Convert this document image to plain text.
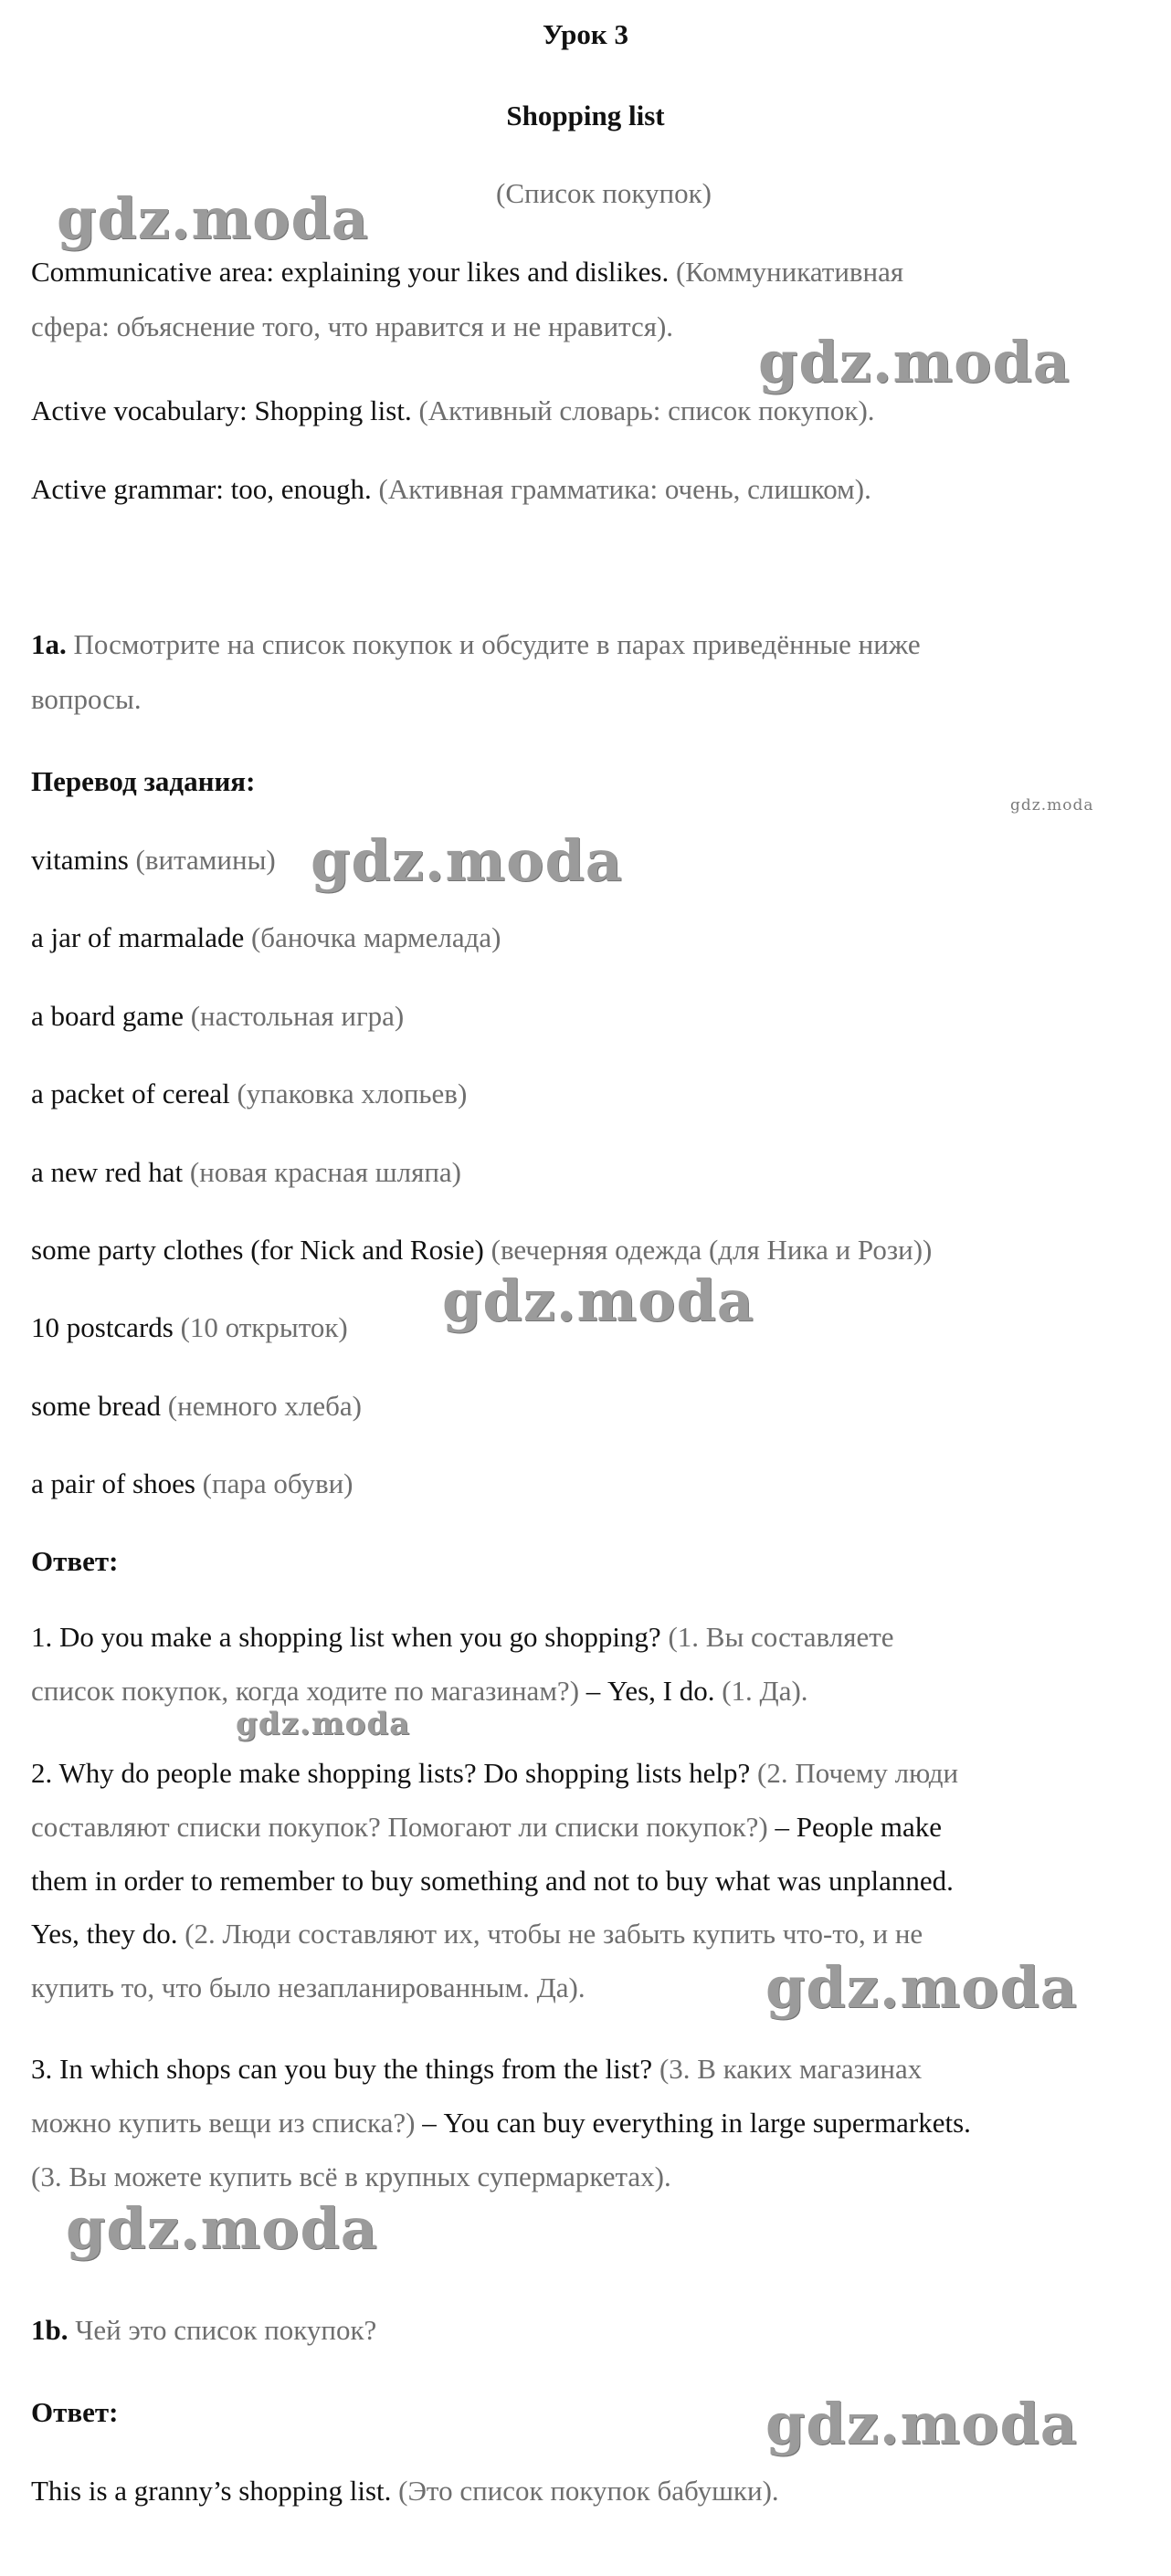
Урок 3
Shopping list
(Список покупок)
Communicative area: explaining your likes and dislikes. (Коммуникативная
сфера: объяснение того, что нравится и не нравится).
Active vocabulary: Shopping list. (Активный словарь: список покупок).
Active grammar: too, enough. (Активная грамматика: очень, слишком).
1a. Посмотрите на список покупок и обсудите в парах приведённые ниже
вопросы.
Перевод задания:
vitamins (витамины)
a jar of marmalade (баночка мармелада)
a board game (настольная игра)
a packet of cereal (упаковка хлопьев)
a new red hat (новая красная шляпа)
some party clothes (for Nick and Rosie) (вечерняя одежда (для Ника и Рози))
10 postcards (10 открыток)
some bread (немного хлеба)
a pair of shoes (пара обуви)
Ответ:
1. Do you make a shopping list when you go shopping? (1. Вы составляете
список покупок, когда ходите по магазинам?) – Yes, I do. (1. Да).
2. Why do people make shopping lists? Do shopping lists help? (2. Почему люди
составляют списки покупок? Помогают ли списки покупок?) – People make
them in order to remember to buy something and not to buy what was unplanned.
Yes, they do. (2. Люди составляют их, чтобы не забыть купить что-то, и не
купить то, что было незапланированным. Да).
3. In which shops can you buy the things from the list? (3. В каких магазинах
можно купить вещи из списка?) – You can buy everything in large supermarkets.
(3. Вы можете купить всё в крупных супермаркетах).
1b. Чей это список покупок?
Ответ:
This is a granny’s shopping list. (Это список покупок бабушки).
gdz.moda
gdz.moda
gdz.moda
gdz.moda
gdz.moda
gdz.moda
gdz.moda
gdz.moda
gdz.moda
